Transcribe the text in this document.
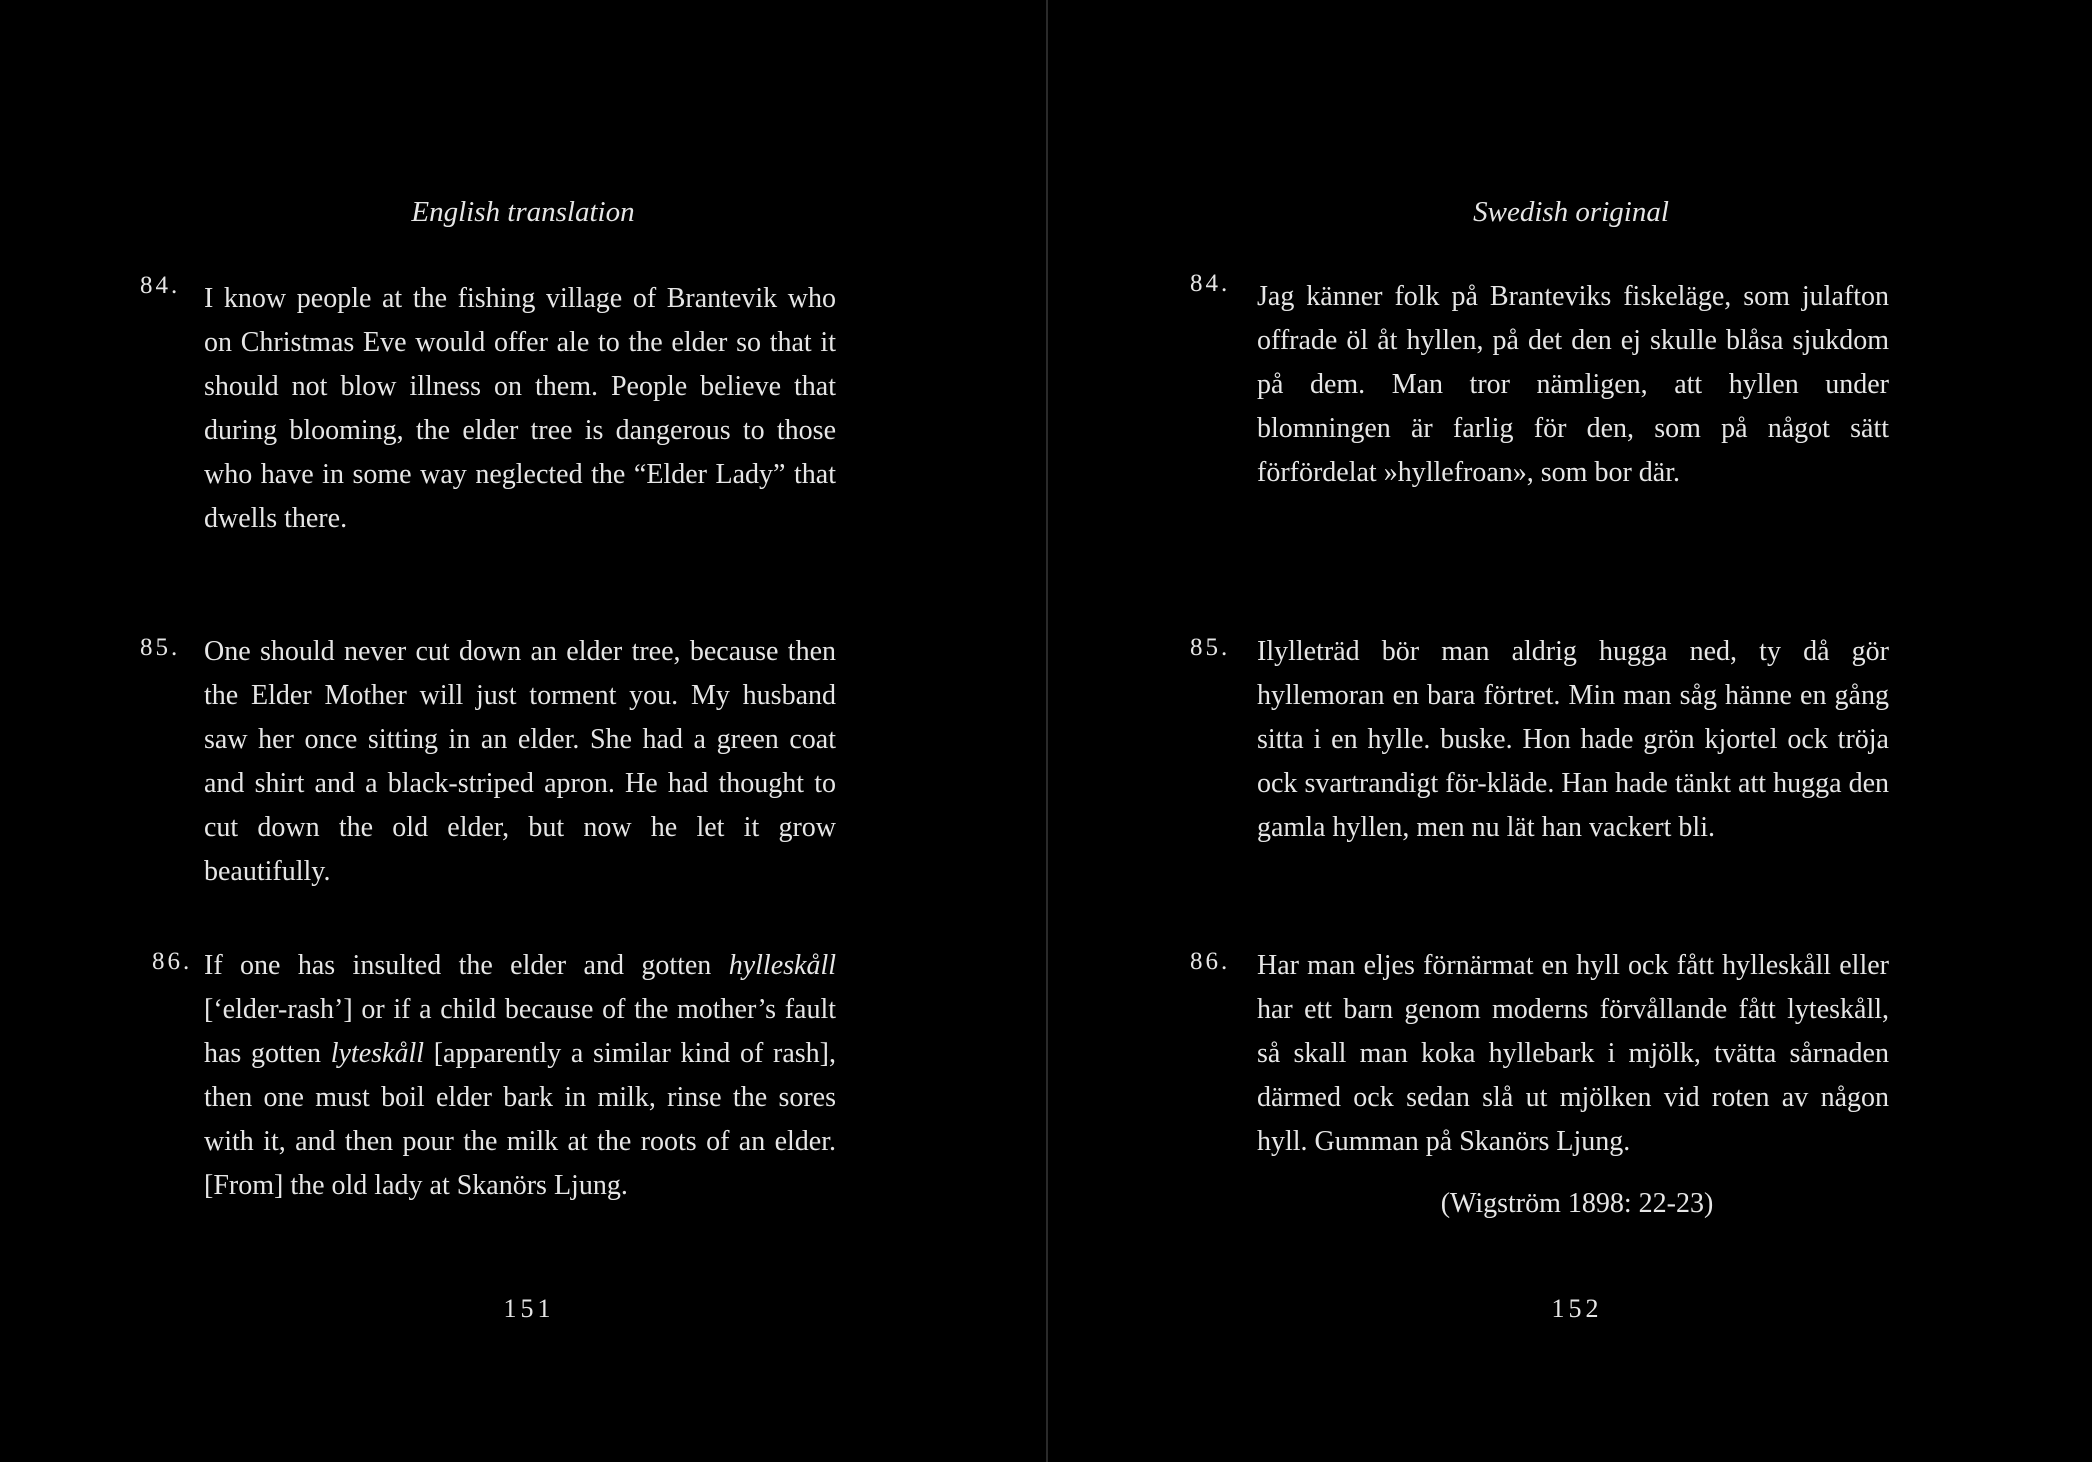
English translation
84. I know people at the fishing village of Brantevik who on Christmas Eve would offer ale to the elder so that it should not blow illness on them. People believe that during blooming, the elder tree is dangerous to those who have in some way neglected the “Elder Lady” that dwells there.
85. One should never cut down an elder tree, because then the Elder Mother will just torment you. My husband saw her once sitting in an elder. She had a green coat and shirt and a black-striped apron. He had thought to cut down the old elder, but now he let it grow beautifully.
86. If one has insulted the elder and gotten hylleskåll [‘elder-rash’] or if a child because of the mother’s fault has gotten lyteskåll [apparently a similar kind of rash], then one must boil elder bark in milk, rinse the sores with it, and then pour the milk at the roots of an elder. [From] the old lady at Skanörs Ljung.
151
Swedish original
84. Jag känner folk på Branteviks fiskeläge, som julafton offrade öl åt hyllen, på det den ej skulle blåsa sjukdom på dem. Man tror nämligen, att hyllen under blomningen är farlig för den, som på något sätt förfördelat »hyllefroan», som bor där.
85. Ilylleträd bör man aldrig hugga ned, ty då gör hyllemoran en bara förtret. Min man såg hänne en gång sitta i en hylle. buske. Hon hade grön kjortel ock tröja ock svartrandigt för-kläde. Han hade tänkt att hugga den gamla hyllen, men nu lät han vackert bli.
86. Har man eljes förnärmat en hyll ock fått hylleskåll eller har ett barn genom moderns förvållande fått lyteskåll, så skall man koka hyllebark i mjölk, tvätta sårnaden därmed ock sedan slå ut mjölken vid roten av någon hyll. Gumman på Skanörs Ljung.
(Wigström 1898: 22-23)
152
